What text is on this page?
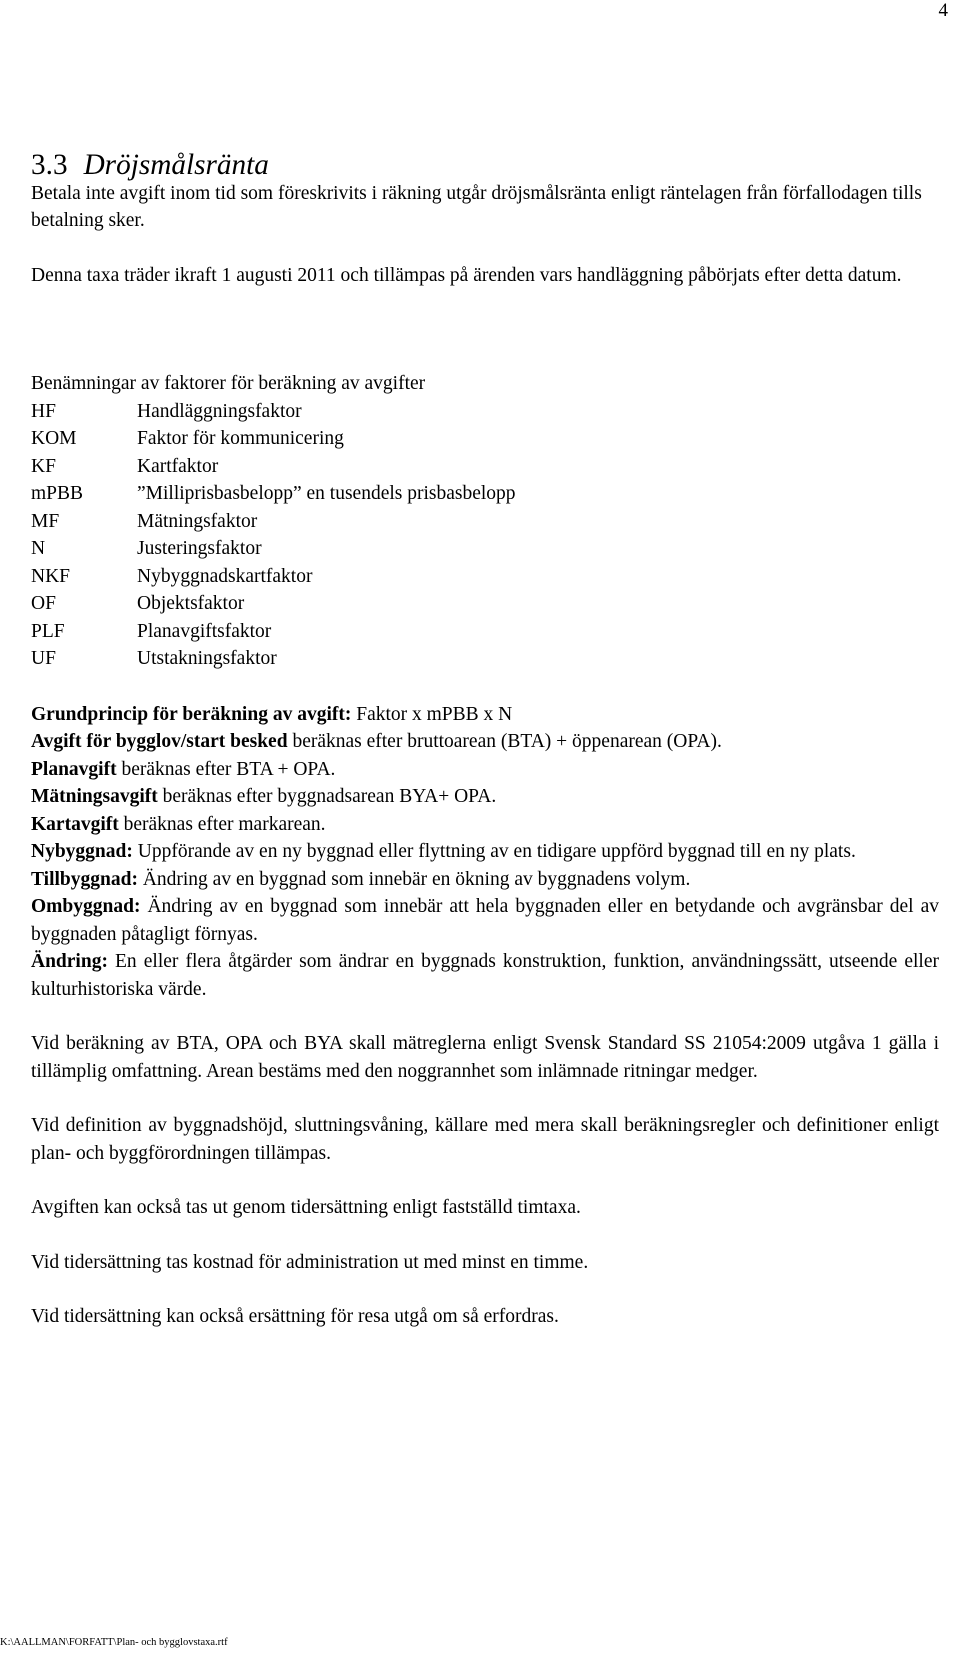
4
3.3 Dröjsmålsränta

Betala inte avgift inom tid som föreskrivits i räkning utgår dröjsmålsränta enligt räntelagen från förfallodagen tills betalning sker.

Denna taxa träder ikraft 1 augusti 2011 och tillämpas på ärenden vars handläggning påbörjats efter detta datum.

Benämningar av faktorer för beräkning av avgifter

HF	Handläggningsfaktor
KOM	Faktor för kommunicering
KF	Kartfaktor
mPBB	”Milliprisbasbelopp” en tusendels prisbasbelopp
MF	Mätningsfaktor
N	Justeringsfaktor
NKF	Nybyggnadskartfaktor
OF	Objektsfaktor
PLF	Planavgiftsfaktor
UF	Utstakningsfaktor

Grundprincip för beräkning av avgift: Faktor x mPBB x N

Avgift för bygglov/start besked beräknas efter bruttoarean (BTA) + öppenarean (OPA).

Planavgift beräknas efter BTA + OPA.

Mätningsavgift beräknas efter byggnadsarean BYA+ OPA.

Kartavgift beräknas efter markarean.

Nybyggnad: Uppförande av en ny byggnad eller flyttning av en tidigare uppförd byggnad till en ny plats.

Tillbyggnad: Ändring av en byggnad som innebär en ökning av byggnadens volym.

Ombyggnad: Ändring av en byggnad som innebär att hela byggnaden eller en betydande och avgränsbar del av byggnaden påtagligt förnyas.

Ändring: En eller flera åtgärder som ändrar en byggnads konstruktion, funktion, användningssätt, utseende eller kulturhistoriska värde.

Vid beräkning av BTA, OPA och BYA skall mätreglerna enligt Svensk Standard SS 21054:2009 utgåva 1 gälla i tillämplig omfattning. Arean bestäms med den noggrannhet som inlämnade ritningar medger.

Vid definition av byggnadshöjd, sluttningsvåning, källare med mera skall beräkningsregler och definitioner enligt plan- och byggförordningen tillämpas.

Avgiften kan också tas ut genom tidersättning enligt fastställd timtaxa.

Vid tidersättning tas kostnad för administration ut med minst en timme.

Vid tidersättning kan också ersättning för resa utgå om så erfordras.

K:\AALLMAN\FORFATT\Plan- och bygglovstaxa.rtf
